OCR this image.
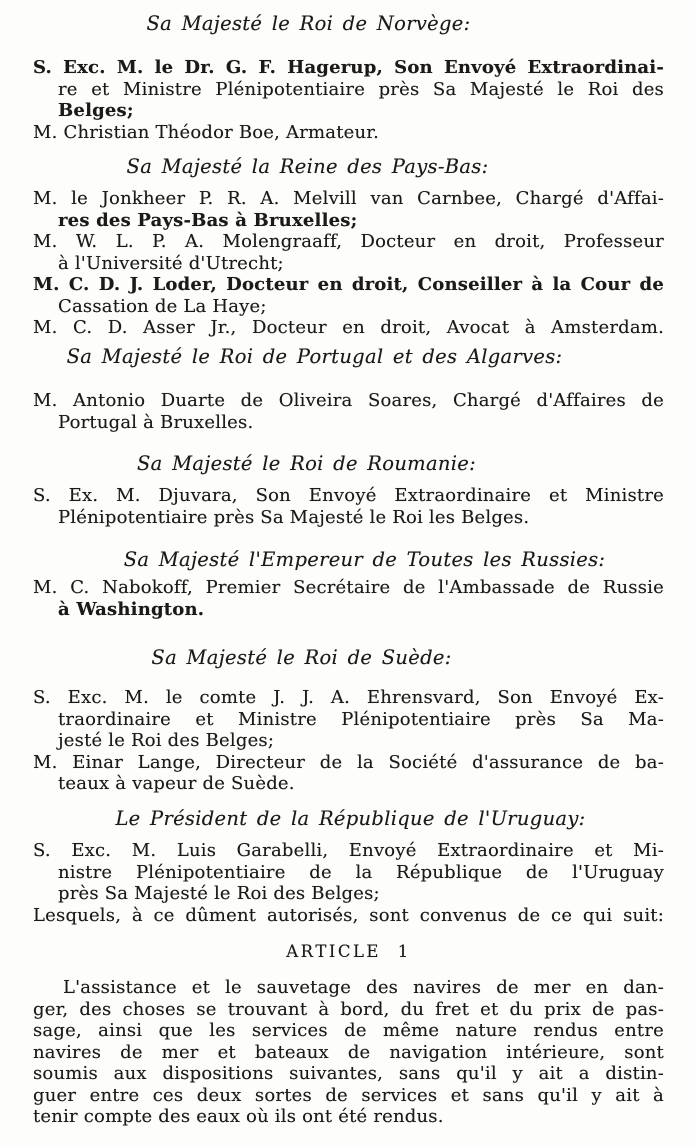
Sa Majesté le Roi de Norvège:
S. Exc. M. le Dr. G. F. Hagerup, Son Envoyé Extraordinai-
re et Ministre Plénipotentiaire près Sa Majesté le Roi des
Belges;
M. Christian Théodor Boe, Armateur.
Sa Majesté la Reine des Pays-Bas:
M. le Jonkheer P. R. A. Melvill van Carnbee, Chargé d'Affai-
res des Pays-Bas à Bruxelles;
M. W. L. P. A. Molengraaff, Docteur en droit, Professeur
à l'Université d'Utrecht;
M. C. D. J. Loder, Docteur en droit, Conseiller à la Cour de
Cassation de La Haye;
M. C. D. Asser Jr., Docteur en droit, Avocat à Amsterdam.
Sa Majesté le Roi de Portugal et des Algarves:
M. Antonio Duarte de Oliveira Soares, Chargé d'Affaires de
Portugal à Bruxelles.
Sa Majesté le Roi de Roumanie:
S. Ex. M. Djuvara, Son Envoyé Extraordinaire et Ministre
Plénipotentiaire près Sa Majesté le Roi les Belges.
Sa Majesté l'Empereur de Toutes les Russies:
M. C. Nabokoff, Premier Secrétaire de l'Ambassade de Russie
à Washington.
Sa Majesté le Roi de Suède:
S. Exc. M. le comte J. J. A. Ehrensvard, Son Envoyé Ex-
traordinaire et Ministre Plénipotentiaire près Sa Ma-
jesté le Roi des Belges;
M. Einar Lange, Directeur de la Société d'assurance de ba-
teaux à vapeur de Suède.
Le Président de la République de l'Uruguay:
S. Exc. M. Luis Garabelli, Envoyé Extraordinaire et Mi-
nistre Plénipotentiaire de la République de l'Uruguay
près Sa Majesté le Roi des Belges;
Lesquels, à ce dûment autorisés, sont convenus de ce qui suit:
ARTICLE 1
L'assistance et le sauvetage des navires de mer en dan-
ger, des choses se trouvant à bord, du fret et du prix de pas-
sage, ainsi que les services de même nature rendus entre
navires de mer et bateaux de navigation intérieure, sont
soumis aux dispositions suivantes, sans qu'il y ait a distin-
guer entre ces deux sortes de services et sans qu'il y ait à
tenir compte des eaux où ils ont été rendus.
